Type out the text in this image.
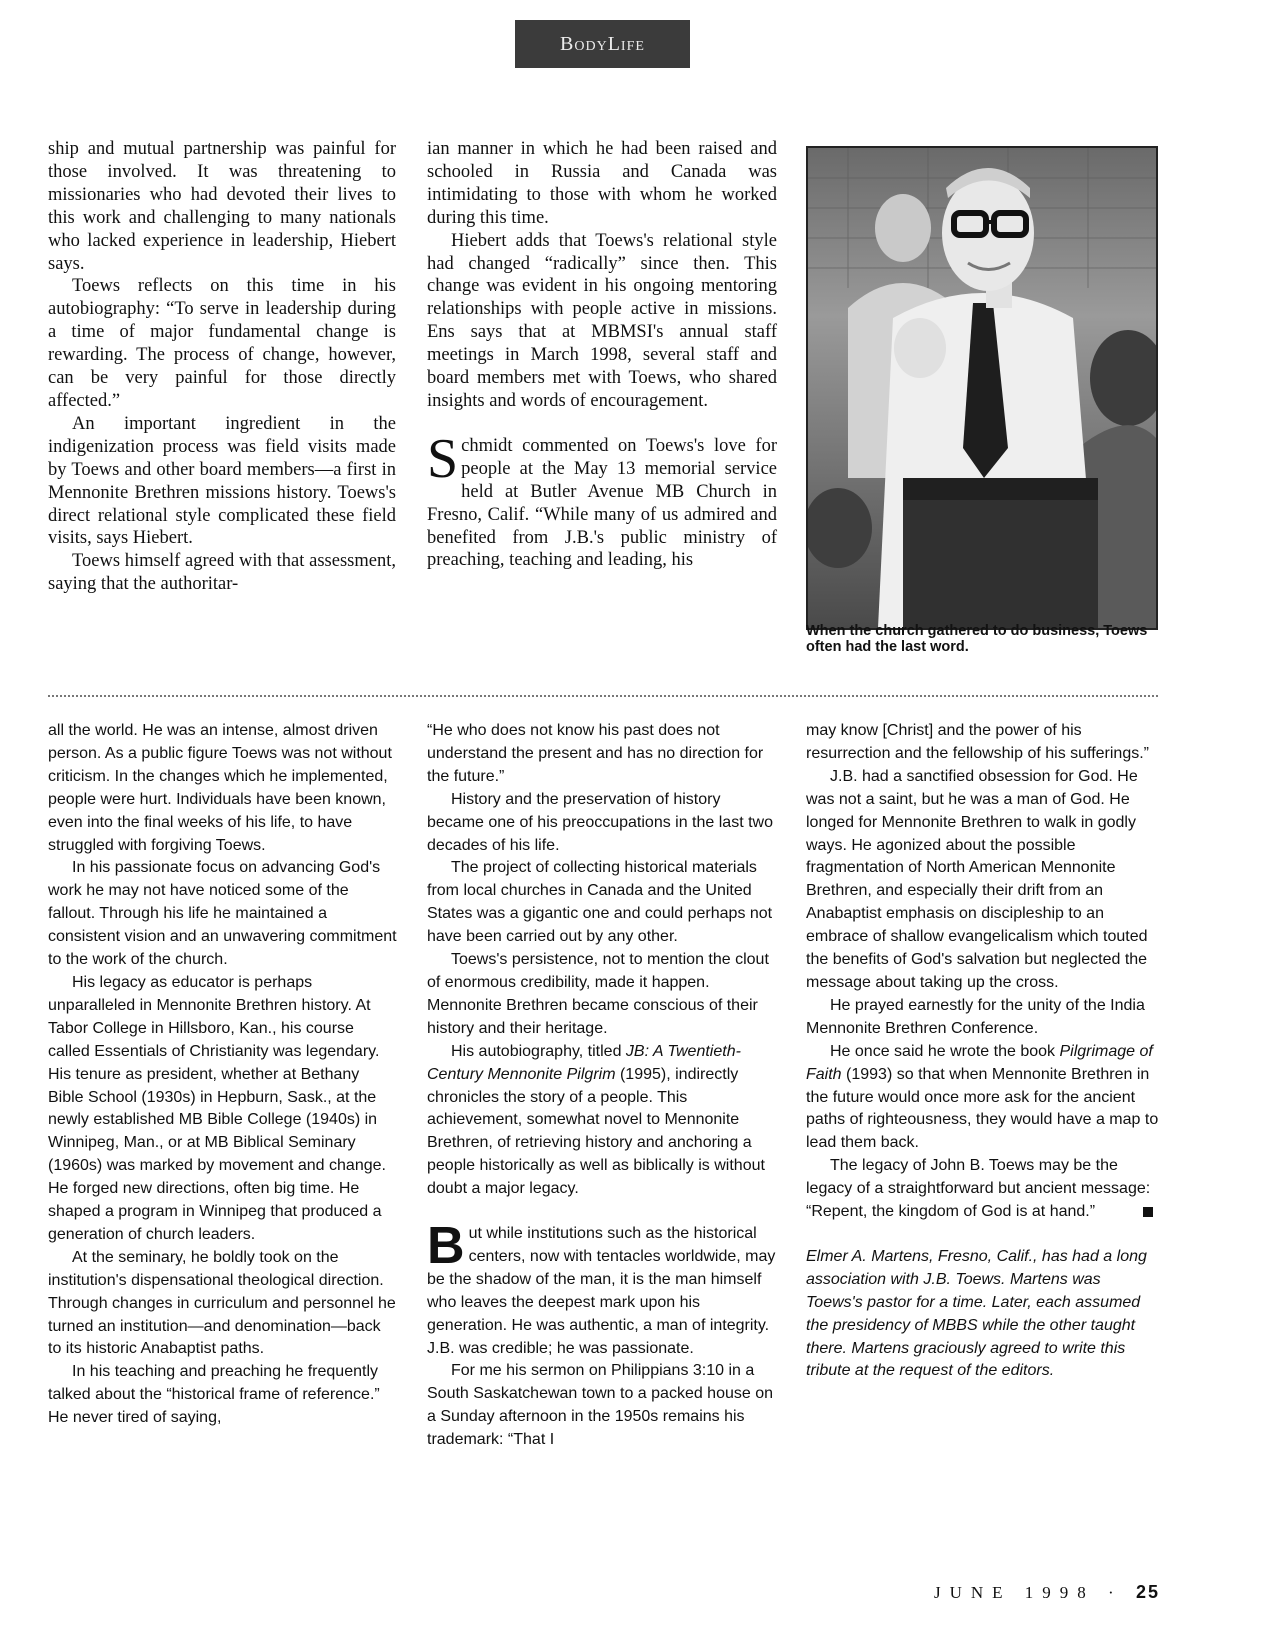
BodyLife

ship and mutual partnership was painful for those involved. It was threatening to missionaries who had devoted their lives to this work and challenging to many nationals who lacked experience in leadership, Hiebert says.

Toews reflects on this time in his autobiography: “To serve in leadership during a time of major fundamental change is rewarding. The process of change, however, can be very painful for those directly affected.”

An important ingredient in the indigenization process was field visits made by Toews and other board members—a first in Mennonite Brethren missions history. Toews's direct relational style complicated these field visits, says Hiebert.

Toews himself agreed with that assessment, saying that the authoritar-

ian manner in which he had been raised and schooled in Russia and Canada was intimidating to those with whom he worked during this time.

Hiebert adds that Toews's relational style had changed “radically” since then. This change was evident in his ongoing mentoring relationships with people active in missions. Ens says that at MBMSI's annual staff meetings in March 1998, several staff and board members met with Toews, who shared insights and words of encouragement.

Schmidt commented on Toews's love for people at the May 13 memorial service held at Butler Avenue MB Church in Fresno, Calif. “While many of us admired and benefited from J.B.'s public ministry of preaching, teaching and leading, his

When the church gathered to do business, Toews often had the last word.

all the world. He was an intense, almost driven person. As a public figure Toews was not without criticism. In the changes which he implemented, people were hurt. Individuals have been known, even into the final weeks of his life, to have struggled with forgiving Toews.

In his passionate focus on advancing God's work he may not have noticed some of the fallout. Through his life he maintained a consistent vision and an unwavering commitment to the work of the church.

His legacy as educator is perhaps unparalleled in Mennonite Brethren history. At Tabor College in Hillsboro, Kan., his course called Essentials of Christianity was legendary. His tenure as president, whether at Bethany Bible School (1930s) in Hepburn, Sask., at the newly established MB Bible College (1940s) in Winnipeg, Man., or at MB Biblical Seminary (1960s) was marked by movement and change. He forged new directions, often big time. He shaped a program in Winnipeg that produced a generation of church leaders.

At the seminary, he boldly took on the institution's dispensational theological direction. Through changes in curriculum and personnel he turned an institution—and denomination—back to its historic Anabaptist paths.

In his teaching and preaching he frequently talked about the “historical frame of reference.” He never tired of saying,

“He who does not know his past does not understand the present and has no direction for the future.”

History and the preservation of history became one of his preoccupations in the last two decades of his life.

The project of collecting historical materials from local churches in Canada and the United States was a gigantic one and could perhaps not have been carried out by any other.

Toews's persistence, not to mention the clout of enormous credibility, made it happen. Mennonite Brethren became conscious of their history and their heritage.

His autobiography, titled JB: A Twentieth-Century Mennonite Pilgrim (1995), indirectly chronicles the story of a people. This achievement, somewhat novel to Mennonite Brethren, of retrieving history and anchoring a people historically as well as biblically is without doubt a major legacy.

But while institutions such as the historical centers, now with tentacles worldwide, may be the shadow of the man, it is the man himself who leaves the deepest mark upon his generation. He was authentic, a man of integrity. J.B. was credible; he was passionate.

For me his sermon on Philippians 3:10 in a South Saskatchewan town to a packed house on a Sunday afternoon in the 1950s remains his trademark: “That I

may know [Christ] and the power of his resurrection and the fellowship of his sufferings.”

J.B. had a sanctified obsession for God. He was not a saint, but he was a man of God. He longed for Mennonite Brethren to walk in godly ways. He agonized about the possible fragmentation of North American Mennonite Brethren, and especially their drift from an Anabaptist emphasis on discipleship to an embrace of shallow evangelicalism which touted the benefits of God's salvation but neglected the message about taking up the cross.

He prayed earnestly for the unity of the India Mennonite Brethren Conference.

He once said he wrote the book Pilgrimage of Faith (1993) so that when Mennonite Brethren in the future would once more ask for the ancient paths of righteousness, they would have a map to lead them back.

The legacy of John B. Toews may be the legacy of a straightforward but ancient message: “Repent, the kingdom of God is at hand.”

Elmer A. Martens, Fresno, Calif., has had a long association with J.B. Toews. Martens was Toews's pastor for a time. Later, each assumed the presidency of MBBS while the other taught there. Martens graciously agreed to write this tribute at the request of the editors.

JUNE 1998 · 25
